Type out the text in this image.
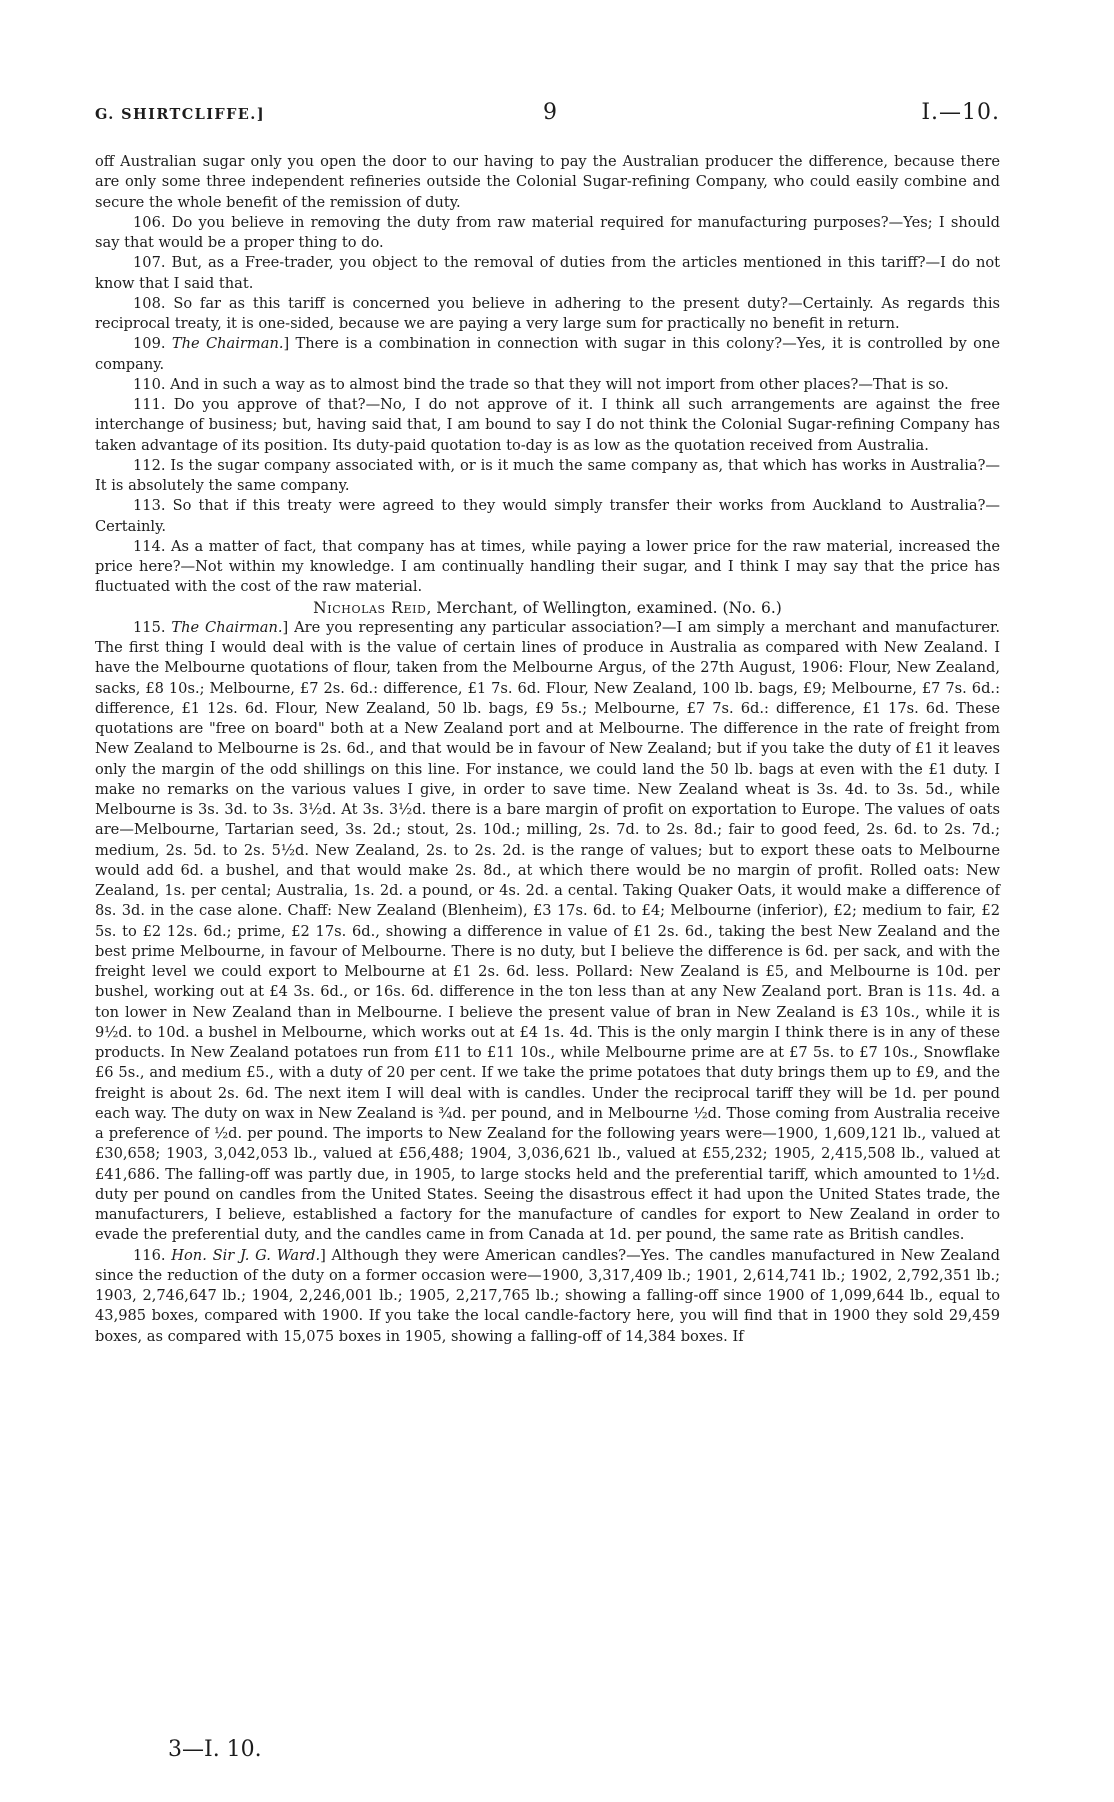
G. SHIRTCLIFFE.]	9	I.—10.

off Australian sugar only you open the door to our having to pay the Australian producer the difference, because there are only some three independent refineries outside the Colonial Sugar-refining Company, who could easily combine and secure the whole benefit of the remission of duty.

106. Do you believe in removing the duty from raw material required for manufacturing purposes?—Yes; I should say that would be a proper thing to do.

107. But, as a Free-trader, you object to the removal of duties from the articles mentioned in this tariff?—I do not know that I said that.

108. So far as this tariff is concerned you believe in adhering to the present duty?—Certainly. As regards this reciprocal treaty, it is one-sided, because we are paying a very large sum for practically no benefit in return.

109. The Chairman.] There is a combination in connection with sugar in this colony?—Yes, it is controlled by one company.

110. And in such a way as to almost bind the trade so that they will not import from other places?—That is so.

111. Do you approve of that?—No, I do not approve of it. I think all such arrangements are against the free interchange of business; but, having said that, I am bound to say I do not think the Colonial Sugar-refining Company has taken advantage of its position. Its duty-paid quotation to-day is as low as the quotation received from Australia.

112. Is the sugar company associated with, or is it much the same company as, that which has works in Australia?—It is absolutely the same company.

113. So that if this treaty were agreed to they would simply transfer their works from Auckland to Australia?—Certainly.

114. As a matter of fact, that company has at times, while paying a lower price for the raw material, increased the price here?—Not within my knowledge. I am continually handling their sugar, and I think I may say that the price has fluctuated with the cost of the raw material.

Nicholas Reid, Merchant, of Wellington, examined. (No. 6.)

115. The Chairman.] Are you representing any particular association?—I am simply a merchant and manufacturer. The first thing I would deal with is the value of certain lines of produce in Australia as compared with New Zealand. I have the Melbourne quotations of flour, taken from the Melbourne Argus, of the 27th August, 1906: Flour, New Zealand, sacks, £8 10s.; Melbourne, £7 2s. 6d.: difference, £1 7s. 6d. Flour, New Zealand, 100 lb. bags, £9; Melbourne, £7 7s. 6d.: difference, £1 12s. 6d. Flour, New Zealand, 50 lb. bags, £9 5s.; Melbourne, £7 7s. 6d.: difference, £1 17s. 6d. These quotations are "free on board" both at a New Zealand port and at Melbourne. The difference in the rate of freight from New Zealand to Melbourne is 2s. 6d., and that would be in favour of New Zealand; but if you take the duty of £1 it leaves only the margin of the odd shillings on this line. For instance, we could land the 50 lb. bags at even with the £1 duty. I make no remarks on the various values I give, in order to save time. New Zealand wheat is 3s. 4d. to 3s. 5d., while Melbourne is 3s. 3d. to 3s. 3½d. At 3s. 3½d. there is a bare margin of profit on exportation to Europe. The values of oats are—Melbourne, Tartarian seed, 3s. 2d.; stout, 2s. 10d.; milling, 2s. 7d. to 2s. 8d.; fair to good feed, 2s. 6d. to 2s. 7d.; medium, 2s. 5d. to 2s. 5½d. New Zealand, 2s. to 2s. 2d. is the range of values; but to export these oats to Melbourne would add 6d. a bushel, and that would make 2s. 8d., at which there would be no margin of profit. Rolled oats: New Zealand, 1s. per cental; Australia, 1s. 2d. a pound, or 4s. 2d. a cental. Taking Quaker Oats, it would make a difference of 8s. 3d. in the case alone. Chaff: New Zealand (Blenheim), £3 17s. 6d. to £4; Melbourne (inferior), £2; medium to fair, £2 5s. to £2 12s. 6d.; prime, £2 17s. 6d., showing a difference in value of £1 2s. 6d., taking the best New Zealand and the best prime Melbourne, in favour of Melbourne. There is no duty, but I believe the difference is 6d. per sack, and with the freight level we could export to Melbourne at £1 2s. 6d. less. Pollard: New Zealand is £5, and Melbourne is 10d. per bushel, working out at £4 3s. 6d., or 16s. 6d. difference in the ton less than at any New Zealand port. Bran is 11s. 4d. a ton lower in New Zealand than in Melbourne. I believe the present value of bran in New Zealand is £3 10s., while it is 9½d. to 10d. a bushel in Melbourne, which works out at £4 1s. 4d. This is the only margin I think there is in any of these products. In New Zealand potatoes run from £11 to £11 10s., while Melbourne prime are at £7 5s. to £7 10s., Snowflake £6 5s., and medium £5., with a duty of 20 per cent. If we take the prime potatoes that duty brings them up to £9, and the freight is about 2s. 6d. The next item I will deal with is candles. Under the reciprocal tariff they will be 1d. per pound each way. The duty on wax in New Zealand is ¾d. per pound, and in Melbourne ½d. Those coming from Australia receive a preference of ½d. per pound. The imports to New Zealand for the following years were—1900, 1,609,121 lb., valued at £30,658; 1903, 3,042,053 lb., valued at £56,488; 1904, 3,036,621 lb., valued at £55,232; 1905, 2,415,508 lb., valued at £41,686. The falling-off was partly due, in 1905, to large stocks held and the preferential tariff, which amounted to 1½d. duty per pound on candles from the United States. Seeing the disastrous effect it had upon the United States trade, the manufacturers, I believe, established a factory for the manufacture of candles for export to New Zealand in order to evade the preferential duty, and the candles came in from Canada at 1d. per pound, the same rate as British candles.

116. Hon. Sir J. G. Ward.] Although they were American candles?—Yes. The candles manufactured in New Zealand since the reduction of the duty on a former occasion were—1900, 3,317,409 lb.; 1901, 2,614,741 lb.; 1902, 2,792,351 lb.; 1903, 2,746,647 lb.; 1904, 2,246,001 lb.; 1905, 2,217,765 lb.; showing a falling-off since 1900 of 1,099,644 lb., equal to 43,985 boxes, compared with 1900. If you take the local candle-factory here, you will find that in 1900 they sold 29,459 boxes, as compared with 15,075 boxes in 1905, showing a falling-off of 14,384 boxes. If

3—I. 10.
